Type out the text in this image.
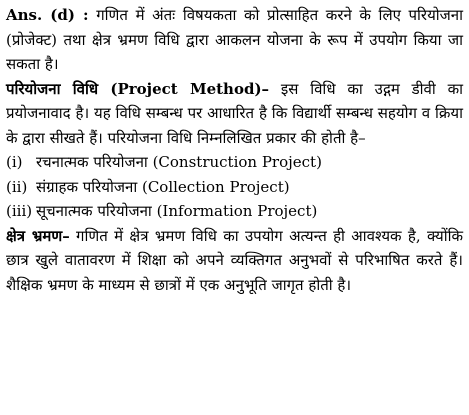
Ans. (d) : गणित में अंतः विषयकता को प्रोत्साहित करने के लिए परियोजना (प्रोजेक्ट) तथा क्षेत्र भ्रमण विधि द्वारा आकलन योजना के रूप में उपयोग किया जा सकता है।

परियोजना विधि (Project Method)– इस विधि का उद्गम डीवी का प्रयोजनावाद है। यह विधि सम्बन्ध पर आधारित है कि विद्यार्थी सम्बन्ध सहयोग व क्रिया के द्वारा सीखते हैं। परियोजना विधि निम्नलिखित प्रकार की होती है–

(i) रचनात्मक परियोजना (Construction Project)
(ii) संग्राहक परियोजना (Collection Project)
(iii) सूचनात्मक परियोजना (Information Project)

क्षेत्र भ्रमण– गणित में क्षेत्र भ्रमण विधि का उपयोग अत्यन्त ही आवश्यक है, क्योंकि छात्र खुले वातावरण में शिक्षा को अपने व्यक्तिगत अनुभवों से परिभाषित करते हैं। शैक्षिक भ्रमण के माध्यम से छात्रों में एक अनुभूति जागृत होती है।
